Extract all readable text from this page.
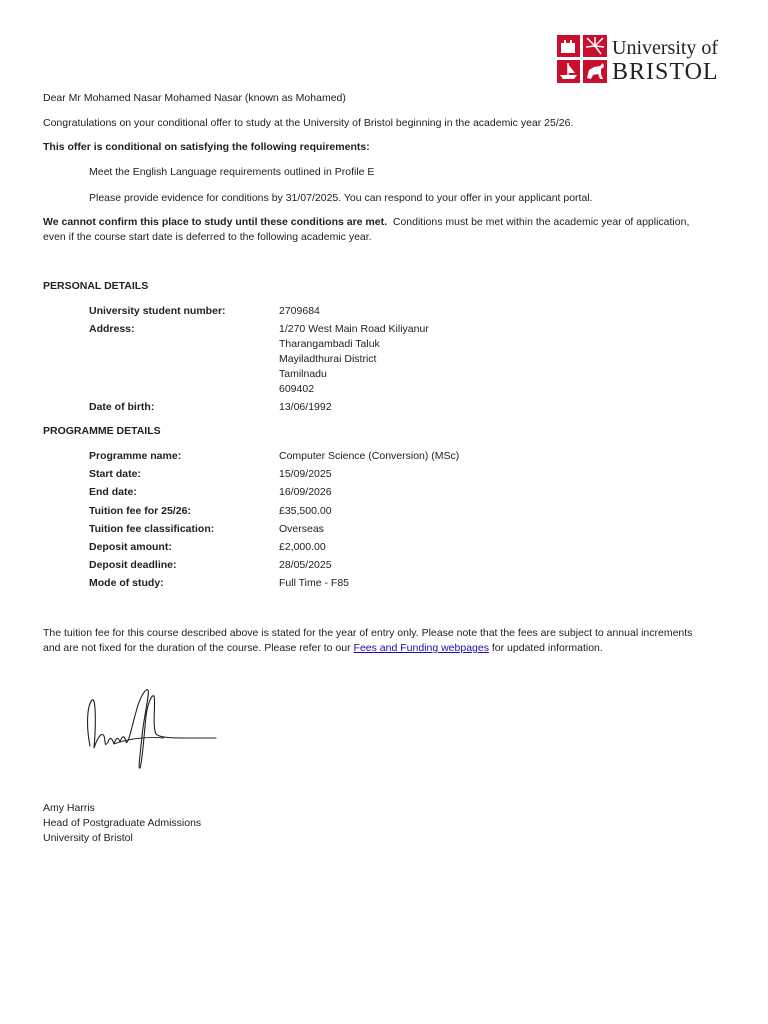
University of
BRISTOL
Dear Mr Mohamed Nasar Mohamed Nasar (known as Mohamed)
Congratulations on your conditional offer to study at the University of Bristol beginning in the academic year 25/26.
This offer is conditional on satisfying the following requirements:
Meet the English Language requirements outlined in Profile E
Please provide evidence for conditions by 31/07/2025. You can respond to your offer in your applicant portal.
We cannot confirm this place to study until these conditions are met. Conditions must be met within the academic year of application,
even if the course start date is deferred to the following academic year.
PERSONAL DETAILS
University student number:	2709684
Address:	1/270 West Main Road Kiliyanur
Tharangambadi Taluk
Mayiladthurai District
Tamilnadu
609402
Date of birth:	13/06/1992
PROGRAMME DETAILS
Programme name:	Computer Science (Conversion) (MSc)
Start date:	15/09/2025
End date:	16/09/2026
Tuition fee for 25/26:	£35,500.00
Tuition fee classification:	Overseas
Deposit amount:	£2,000.00
Deposit deadline:	28/05/2025
Mode of study:	Full Time - F85
The tuition fee for this course described above is stated for the year of entry only. Please note that the fees are subject to annual increments
and are not fixed for the duration of the course. Please refer to our Fees and Funding webpages for updated information.
Amy Harris
Head of Postgraduate Admissions
University of Bristol
